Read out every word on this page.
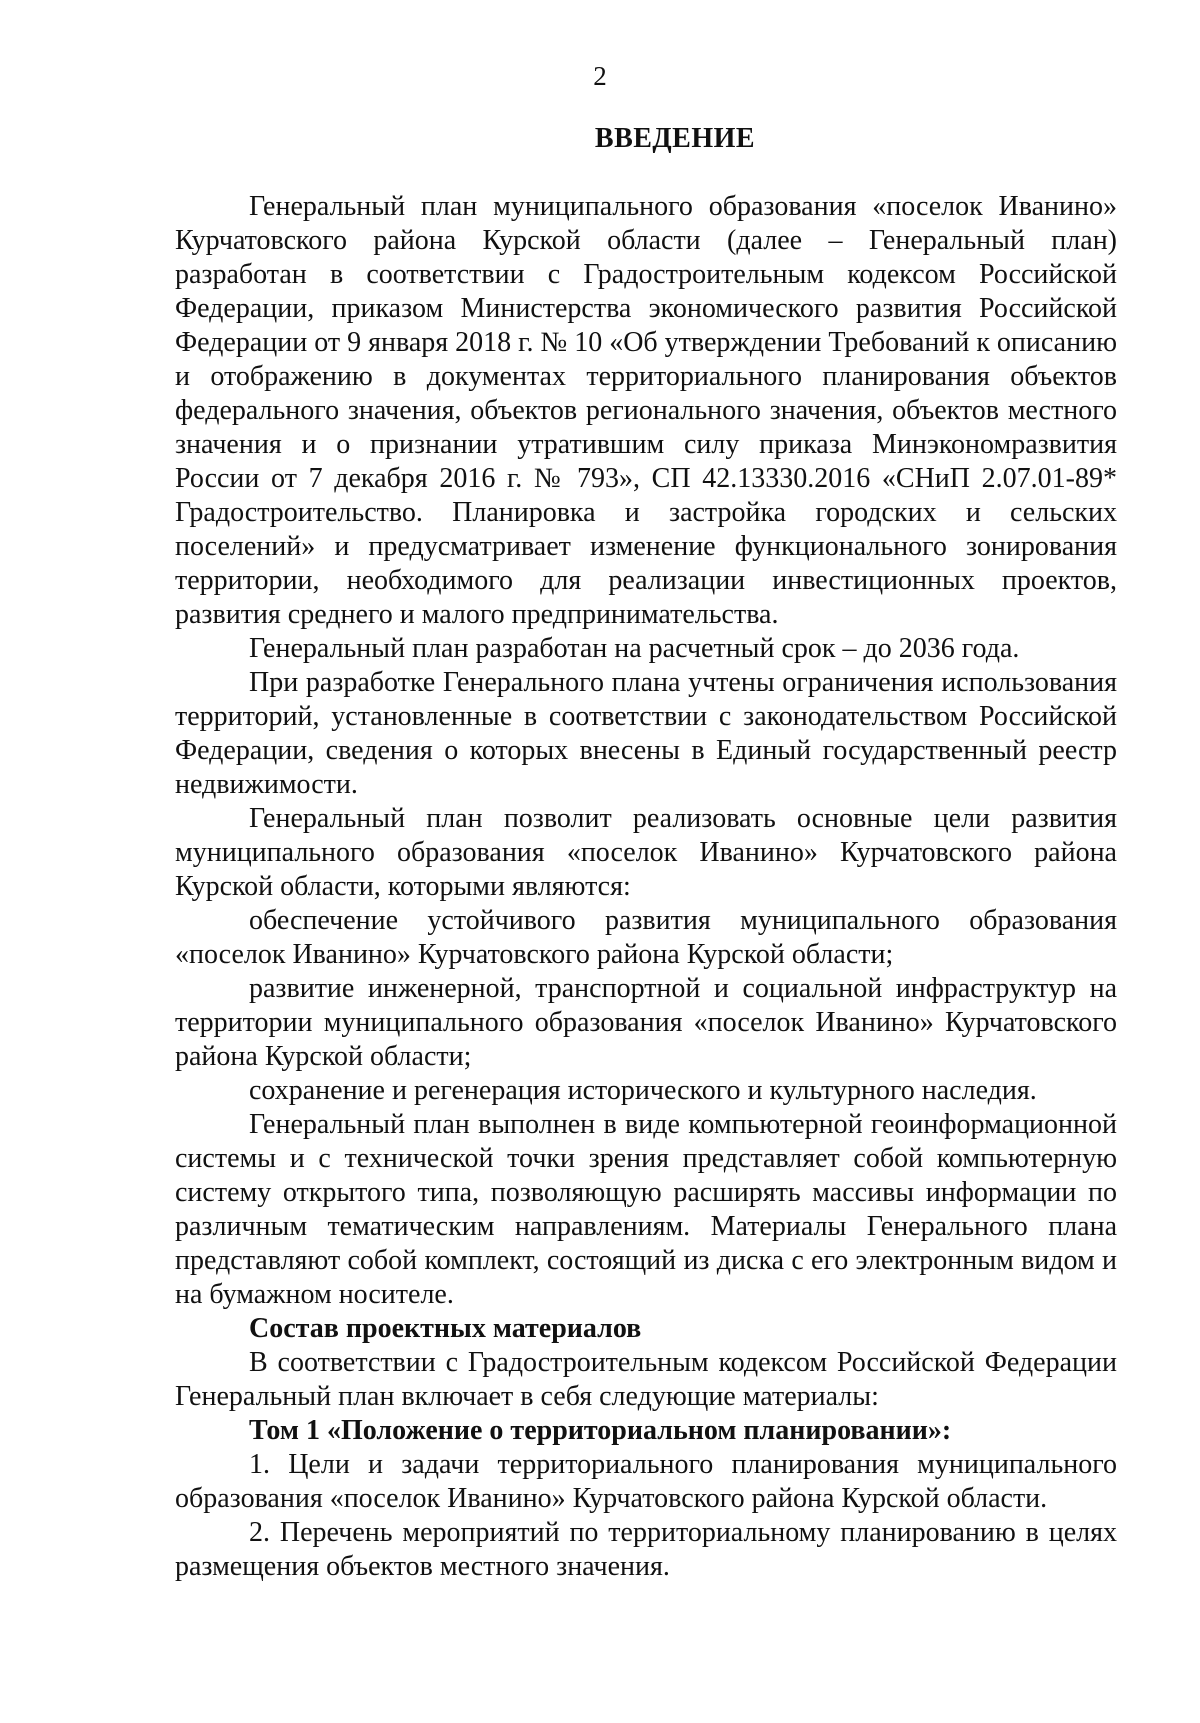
2
ВВЕДЕНИЕ

Генеральный план муниципального образования «поселок Иванино» Курчатовского района Курской области (далее – Генеральный план) разработан в соответствии с Градостроительным кодексом Российской Федерации, приказом Министерства экономического развития Российской Федерации от 9 января 2018 г. № 10 «Об утверждении Требований к описанию и отображению в документах территориального планирования объектов федерального значения, объектов регионального значения, объектов местного значения и о признании утратившим силу приказа Минэкономразвития России от 7 декабря 2016 г. № 793», СП 42.13330.2016 «СНиП 2.07.01-89* Градостроительство. Планировка и застройка городских и сельских поселений» и предусматривает изменение функционального зонирования территории, необходимого для реализации инвестиционных проектов, развития среднего и малого предпринимательства.

Генеральный план разработан на расчетный срок – до 2036 года.

При разработке Генерального плана учтены ограничения использования территорий, установленные в соответствии с законодательством Российской Федерации, сведения о которых внесены в Единый государственный реестр недвижимости.

Генеральный план позволит реализовать основные цели развития муниципального образования «поселок Иванино» Курчатовского района Курской области, которыми являются:

обеспечение устойчивого развития муниципального образования «поселок Иванино» Курчатовского района Курской области;

развитие инженерной, транспортной и социальной инфраструктур на территории муниципального образования «поселок Иванино» Курчатовского района Курской области;

сохранение и регенерация исторического и культурного наследия.

Генеральный план выполнен в виде компьютерной геоинформационной системы и с технической точки зрения представляет собой компьютерную систему открытого типа, позволяющую расширять массивы информации по различным тематическим направлениям. Материалы Генерального плана представляют собой комплект, состоящий из диска с его электронным видом и на бумажном носителе.

Состав проектных материалов

В соответствии с Градостроительным кодексом Российской Федерации Генеральный план включает в себя следующие материалы:

Том 1 «Положение о территориальном планировании»:

1. Цели и задачи территориального планирования муниципального образования «поселок Иванино» Курчатовского района Курской области.

2. Перечень мероприятий по территориальному планированию в целях размещения объектов местного значения.
